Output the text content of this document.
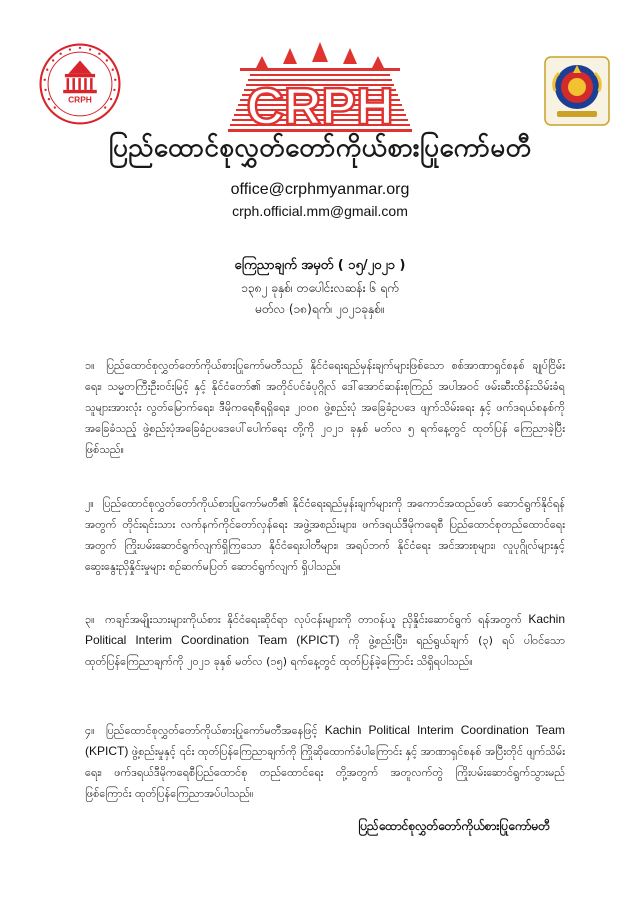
CRPH	CRPH
ပြည်ထောင်စုလွှတ်တော်ကိုယ်စားပြုကော်မတီ
office@crphmyanmar.org
crph.official.mm@gmail.com
ကြေညာချက် အမှတ် ( ၁၅/၂၀၂၁ )
၁၃၈၂ ခုနှစ်၊ တပေါင်းလဆန်း ၆ ရက်
မတ်လ (၁၈)ရက်၊ ၂၀၂၁ခုနှစ်။
၁။ ပြည်ထောင်စုလွှတ်တော်ကိုယ်စားပြုကော်မတီသည် နိုင်ငံရေးရည်မှန်းချက်များဖြစ်သော စစ်အာဏာရှင်စနစ် ချုပ်ငြိမ်းရေး၊ သမ္မတကြီးဦးဝင်းမြင့် နှင့် နိုင်ငံတော်၏ အတိုင်ပင်ခံပုဂ္ဂိုလ် ဒေါ်အောင်ဆန်းစုကြည် အပါအဝင် ဖမ်းဆီးထိန်းသိမ်းခံရသူများအားလုံး လွတ်မြောက်ရေး၊ ဒီမိုကရေစီရရှိရေး၊ ၂၀၀၈ ဖွဲ့စည်းပုံ အခြေခံဥပဒေ ဖျက်သိမ်းရေး နှင့် ဖက်ဒရယ်စနစ်ကိုအခြေခံသည့် ဖွဲ့စည်းပုံအခြေခံဥပဒေပေါ်ပေါက်ရေး တို့ကို ၂၀၂၁ ခုနှစ် မတ်လ ၅ ရက်နေ့တွင် ထုတ်ပြန် ကြေညာခဲ့ပြီးဖြစ်သည်။
၂။ ပြည်ထောင်စုလွှတ်တော်ကိုယ်စားပြုကော်မတီ၏ နိုင်ငံရေးရည်မှန်းချက်များကို အကောင်အထည်ဖော် ဆောင်ရွက်နိုင်ရန်အတွက် တိုင်းရင်းသား လက်နက်ကိုင်တော်လှန်ရေး အဖွဲ့အစည်းများ၊ ဖက်ဒရယ်ဒီမိုကရေစီ ပြည်ထောင်စုတည်ထောင်ရေးအတွက် ကြိုးပမ်းဆောင်ရွက်လျက်ရှိကြသော နိုင်ငံရေးပါတီများ၊ အရပ်ဘက် နိုင်ငံရေး အင်အားစုများ၊ လူပုဂ္ဂိုလ်များနှင့် ဆွေးနွေးညှိနှိုင်းမှုများ စဉ်ဆက်မပြတ် ဆောင်ရွက်လျက် ရှိပါသည်။
၃။ ကချင်အမျိုးသားများကိုယ်စား နိုင်ငံရေးဆိုင်ရာ လုပ်ငန်းများကို တာဝန်ယူ ညှိနှိုင်းဆောင်ရွက် ရန်အတွက် Kachin Political Interim Coordination Team (KPICT) ကို ဖွဲ့စည်းပြီး၊ ရည်ရွယ်ချက် (၃) ရပ် ပါဝင်သော ထုတ်ပြန်ကြေညာချက်ကို ၂၀၂၁ ခုနှစ် မတ်လ (၁၅) ရက်နေ့တွင် ထုတ်ပြန်ခဲ့ကြောင်း သိရှိရပါသည်။
၄။ ပြည်ထောင်စုလွှတ်တော်ကိုယ်စားပြုကော်မတီအနေဖြင့် Kachin Political Interim Coordination Team (KPICT) ဖွဲ့စည်းမှုနှင့် ၎င်း ထုတ်ပြန်ကြေညာချက်ကို ကြိုဆိုထောက်ခံပါကြောင်း နှင့် အာဏာရှင်စနစ် အပြီးတိုင် ဖျက်သိမ်းရေး၊ ဖက်ဒရယ်ဒီမိုကရေစီပြည်ထောင်စု တည်ထောင်ရေး တို့အတွက် အတူလက်တွဲ ကြိုးပမ်းဆောင်ရွက်သွားမည် ဖြစ်ကြောင်း ထုတ်ပြန်ကြေညာအပ်ပါသည်။
ပြည်ထောင်စုလွှတ်တော်ကိုယ်စားပြုကော်မတီ
